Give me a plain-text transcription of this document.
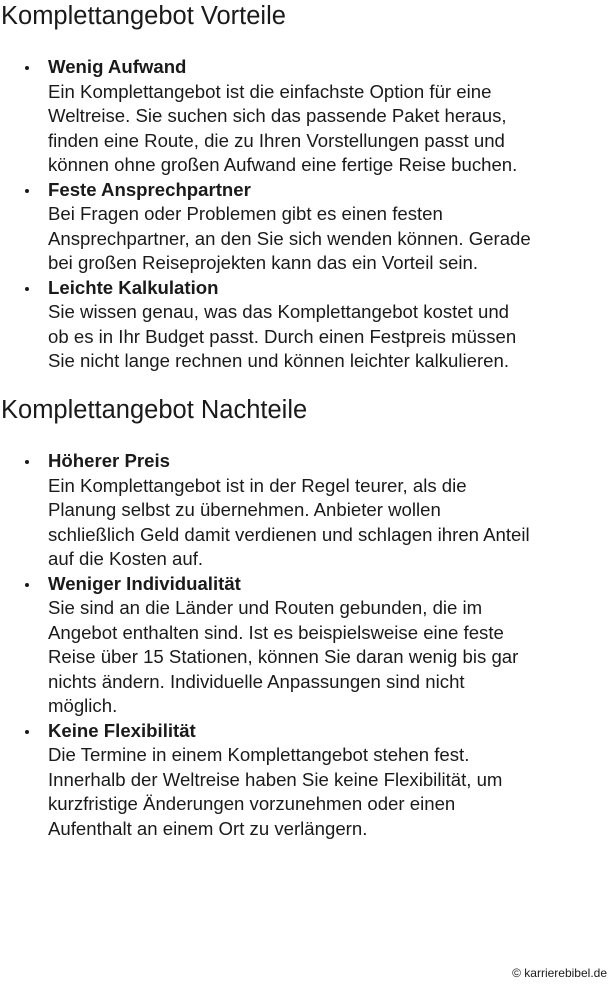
Komplettangebot Vorteile
Wenig Aufwand
Ein Komplettangebot ist die einfachste Option für eine
Weltreise. Sie suchen sich das passende Paket heraus,
finden eine Route, die zu Ihren Vorstellungen passt und
können ohne großen Aufwand eine fertige Reise buchen.
Feste Ansprechpartner
Bei Fragen oder Problemen gibt es einen festen
Ansprechpartner, an den Sie sich wenden können. Gerade
bei großen Reiseprojekten kann das ein Vorteil sein.
Leichte Kalkulation
Sie wissen genau, was das Komplettangebot kostet und
ob es in Ihr Budget passt. Durch einen Festpreis müssen
Sie nicht lange rechnen und können leichter kalkulieren.
Komplettangebot Nachteile
Höherer Preis
Ein Komplettangebot ist in der Regel teurer, als die
Planung selbst zu übernehmen. Anbieter wollen
schließlich Geld damit verdienen und schlagen ihren Anteil
auf die Kosten auf.
Weniger Individualität
Sie sind an die Länder und Routen gebunden, die im
Angebot enthalten sind. Ist es beispielsweise eine feste
Reise über 15 Stationen, können Sie daran wenig bis gar
nichts ändern. Individuelle Anpassungen sind nicht
möglich.
Keine Flexibilität
Die Termine in einem Komplettangebot stehen fest.
Innerhalb der Weltreise haben Sie keine Flexibilität, um
kurzfristige Änderungen vorzunehmen oder einen
Aufenthalt an einem Ort zu verlängern.
© karrierebibel.de
